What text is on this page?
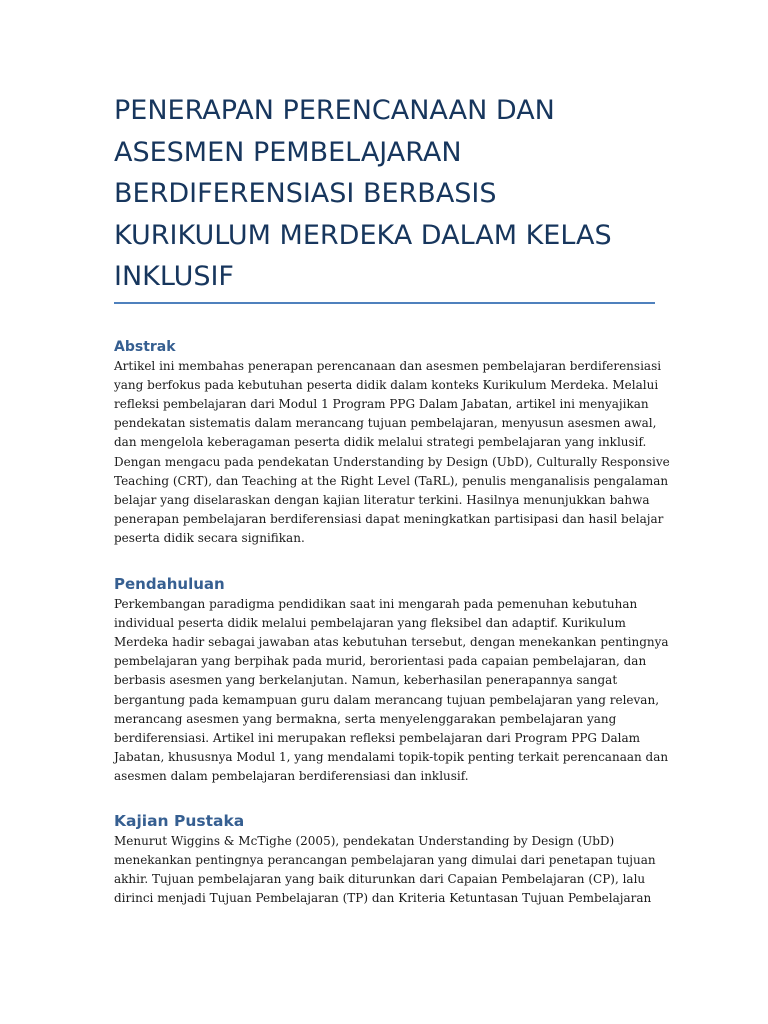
PENERAPAN PERENCANAAN DAN
ASESMEN PEMBELAJARAN
BERDIFERENSIASI BERBASIS
KURIKULUM MERDEKA DALAM KELAS
INKLUSIF
Abstrak

Artikel ini membahas penerapan perencanaan dan asesmen pembelajaran berdiferensiasi
yang berfokus pada kebutuhan peserta didik dalam konteks Kurikulum Merdeka. Melalui
refleksi pembelajaran dari Modul 1 Program PPG Dalam Jabatan, artikel ini menyajikan
pendekatan sistematis dalam merancang tujuan pembelajaran, menyusun asesmen awal,
dan mengelola keberagaman peserta didik melalui strategi pembelajaran yang inklusif.
Dengan mengacu pada pendekatan Understanding by Design (UbD), Culturally Responsive
Teaching (CRT), dan Teaching at the Right Level (TaRL), penulis menganalisis pengalaman
belajar yang diselaraskan dengan kajian literatur terkini. Hasilnya menunjukkan bahwa
penerapan pembelajaran berdiferensiasi dapat meningkatkan partisipasi dan hasil belajar
peserta didik secara signifikan.

Pendahuluan

Perkembangan paradigma pendidikan saat ini mengarah pada pemenuhan kebutuhan
individual peserta didik melalui pembelajaran yang fleksibel dan adaptif. Kurikulum
Merdeka hadir sebagai jawaban atas kebutuhan tersebut, dengan menekankan pentingnya
pembelajaran yang berpihak pada murid, berorientasi pada capaian pembelajaran, dan
berbasis asesmen yang berkelanjutan. Namun, keberhasilan penerapannya sangat
bergantung pada kemampuan guru dalam merancang tujuan pembelajaran yang relevan,
merancang asesmen yang bermakna, serta menyelenggarakan pembelajaran yang
berdiferensiasi. Artikel ini merupakan refleksi pembelajaran dari Program PPG Dalam
Jabatan, khususnya Modul 1, yang mendalami topik-topik penting terkait perencanaan dan
asesmen dalam pembelajaran berdiferensiasi dan inklusif.

Kajian Pustaka

Menurut Wiggins & McTighe (2005), pendekatan Understanding by Design (UbD)
menekankan pentingnya perancangan pembelajaran yang dimulai dari penetapan tujuan
akhir. Tujuan pembelajaran yang baik diturunkan dari Capaian Pembelajaran (CP), lalu
dirinci menjadi Tujuan Pembelajaran (TP) dan Kriteria Ketuntasan Tujuan Pembelajaran
